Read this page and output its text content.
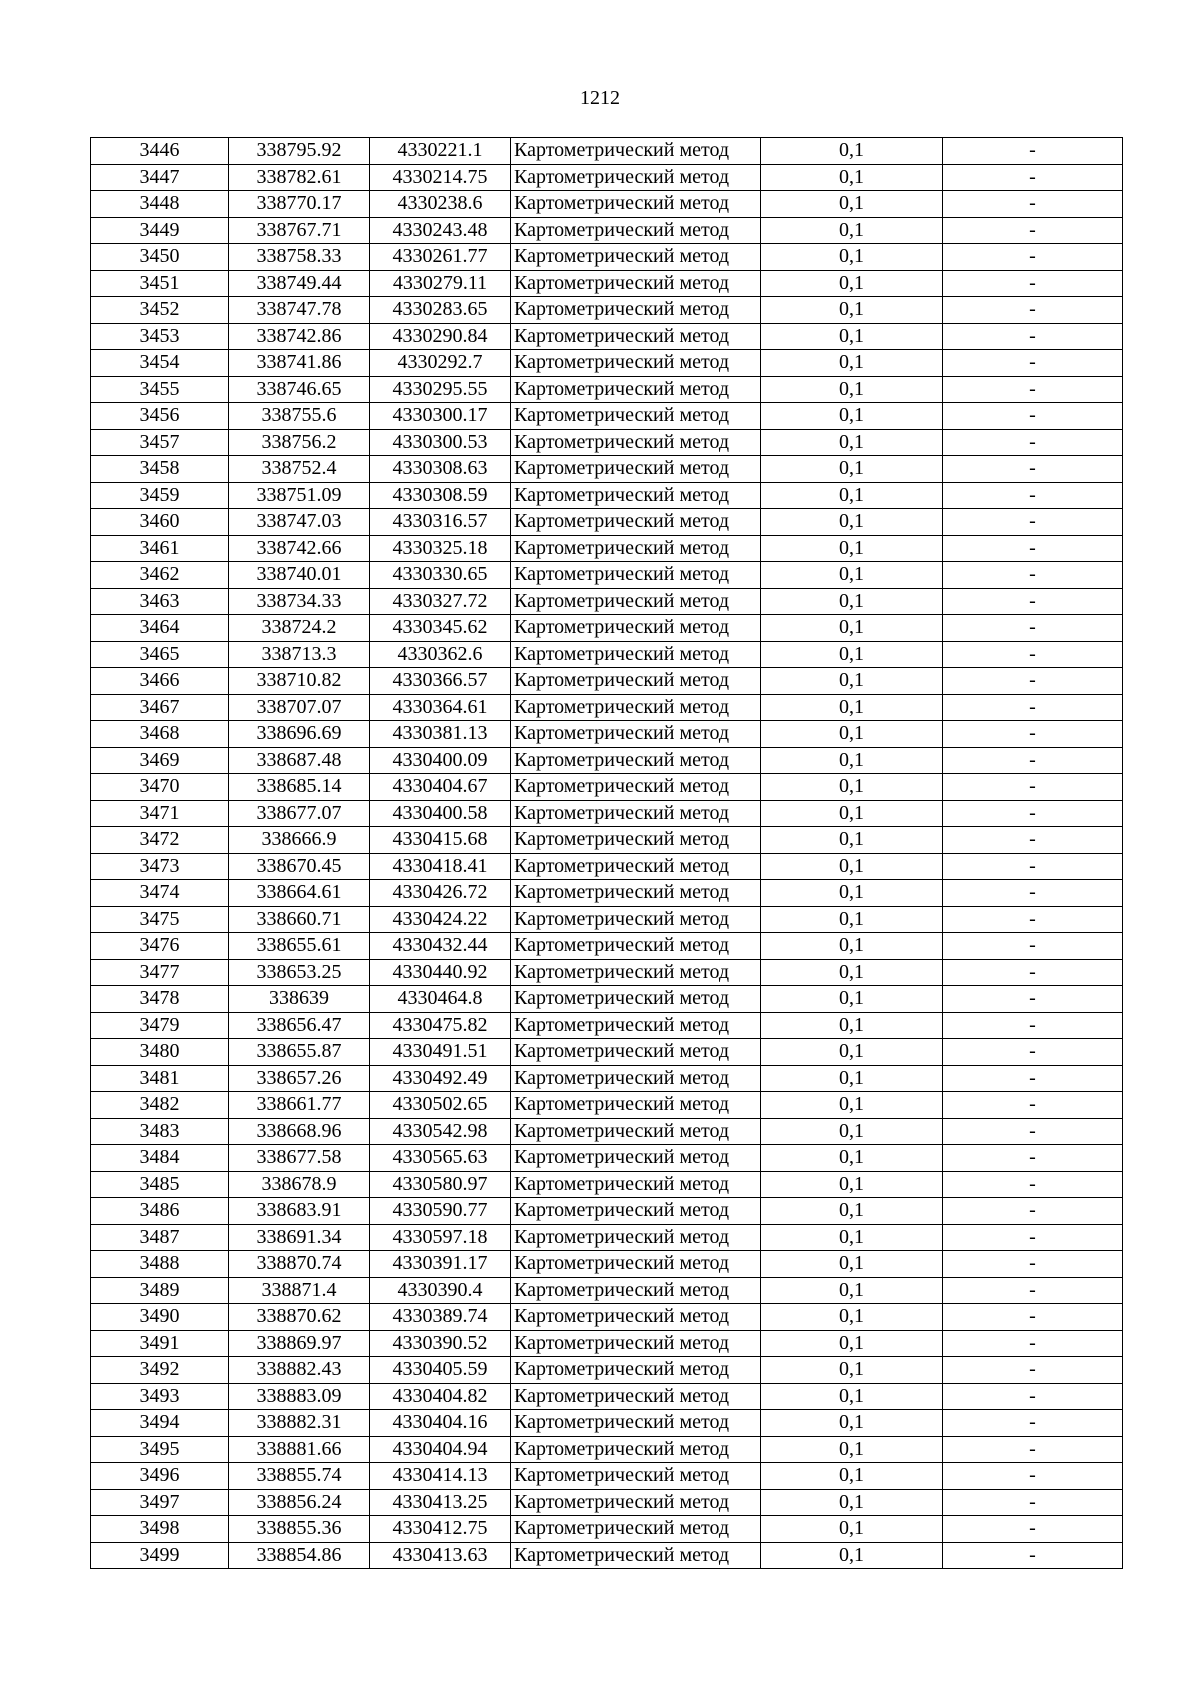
1212
3446	338795.92	4330221.1	Картометрический метод	0,1	-
3447	338782.61	4330214.75	Картометрический метод	0,1	-
3448	338770.17	4330238.6	Картометрический метод	0,1	-
3449	338767.71	4330243.48	Картометрический метод	0,1	-
3450	338758.33	4330261.77	Картометрический метод	0,1	-
3451	338749.44	4330279.11	Картометрический метод	0,1	-
3452	338747.78	4330283.65	Картометрический метод	0,1	-
3453	338742.86	4330290.84	Картометрический метод	0,1	-
3454	338741.86	4330292.7	Картометрический метод	0,1	-
3455	338746.65	4330295.55	Картометрический метод	0,1	-
3456	338755.6	4330300.17	Картометрический метод	0,1	-
3457	338756.2	4330300.53	Картометрический метод	0,1	-
3458	338752.4	4330308.63	Картометрический метод	0,1	-
3459	338751.09	4330308.59	Картометрический метод	0,1	-
3460	338747.03	4330316.57	Картометрический метод	0,1	-
3461	338742.66	4330325.18	Картометрический метод	0,1	-
3462	338740.01	4330330.65	Картометрический метод	0,1	-
3463	338734.33	4330327.72	Картометрический метод	0,1	-
3464	338724.2	4330345.62	Картометрический метод	0,1	-
3465	338713.3	4330362.6	Картометрический метод	0,1	-
3466	338710.82	4330366.57	Картометрический метод	0,1	-
3467	338707.07	4330364.61	Картометрический метод	0,1	-
3468	338696.69	4330381.13	Картометрический метод	0,1	-
3469	338687.48	4330400.09	Картометрический метод	0,1	-
3470	338685.14	4330404.67	Картометрический метод	0,1	-
3471	338677.07	4330400.58	Картометрический метод	0,1	-
3472	338666.9	4330415.68	Картометрический метод	0,1	-
3473	338670.45	4330418.41	Картометрический метод	0,1	-
3474	338664.61	4330426.72	Картометрический метод	0,1	-
3475	338660.71	4330424.22	Картометрический метод	0,1	-
3476	338655.61	4330432.44	Картометрический метод	0,1	-
3477	338653.25	4330440.92	Картометрический метод	0,1	-
3478	338639	4330464.8	Картометрический метод	0,1	-
3479	338656.47	4330475.82	Картометрический метод	0,1	-
3480	338655.87	4330491.51	Картометрический метод	0,1	-
3481	338657.26	4330492.49	Картометрический метод	0,1	-
3482	338661.77	4330502.65	Картометрический метод	0,1	-
3483	338668.96	4330542.98	Картометрический метод	0,1	-
3484	338677.58	4330565.63	Картометрический метод	0,1	-
3485	338678.9	4330580.97	Картометрический метод	0,1	-
3486	338683.91	4330590.77	Картометрический метод	0,1	-
3487	338691.34	4330597.18	Картометрический метод	0,1	-
3488	338870.74	4330391.17	Картометрический метод	0,1	-
3489	338871.4	4330390.4	Картометрический метод	0,1	-
3490	338870.62	4330389.74	Картометрический метод	0,1	-
3491	338869.97	4330390.52	Картометрический метод	0,1	-
3492	338882.43	4330405.59	Картометрический метод	0,1	-
3493	338883.09	4330404.82	Картометрический метод	0,1	-
3494	338882.31	4330404.16	Картометрический метод	0,1	-
3495	338881.66	4330404.94	Картометрический метод	0,1	-
3496	338855.74	4330414.13	Картометрический метод	0,1	-
3497	338856.24	4330413.25	Картометрический метод	0,1	-
3498	338855.36	4330412.75	Картометрический метод	0,1	-
3499	338854.86	4330413.63	Картометрический метод	0,1	-
